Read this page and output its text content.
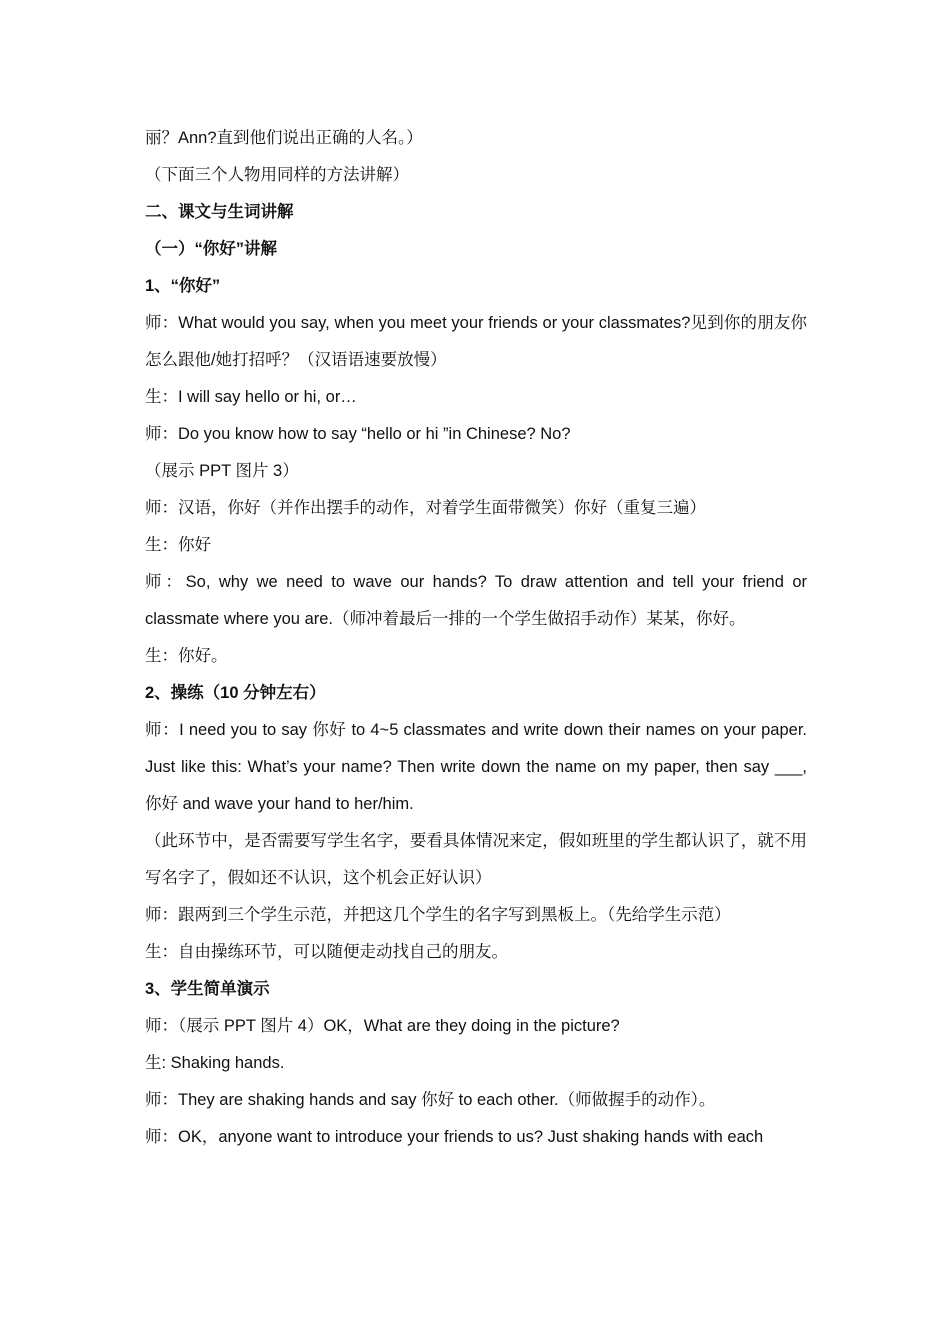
丽？Ann?直到他们说出正确的人名。）

（下面三个人物用同样的方法讲解）

二、课文与生词讲解

（一）“你好”讲解

1、“你好”

师：What would you say, when you meet your friends or your classmates?见到你的朋友你怎么跟他/她打招呼？（汉语语速要放慢）

生：I will say hello or hi, or…

师：Do you know how to say “hello or hi ”in Chinese? No?

（展示 PPT 图片 3）

师：汉语，你好（并作出摆手的动作，对着学生面带微笑）你好（重复三遍）

生：你好

师：So, why we need to wave our hands? To draw attention and tell your friend or classmate where you are.（师冲着最后一排的一个学生做招手动作）某某，你好。

生：你好。

2、操练（10 分钟左右）

师：I need you to say 你好 to 4~5 classmates and write down their names on your paper. Just like this: What’s your name? Then write down the name on my paper, then say ___, 你好 and wave your hand to her/him.

（此环节中，是否需要写学生名字，要看具体情况来定，假如班里的学生都认识了，就不用写名字了，假如还不认识，这个机会正好认识）

师：跟两到三个学生示范，并把这几个学生的名字写到黑板上。（先给学生示范）

生：自由操练环节，可以随便走动找自己的朋友。

3、学生简单演示

师：（展示 PPT 图片 4）OK，What are they doing in the picture?

生: Shaking hands.

师：They are shaking hands and say 你好 to each other.（师做握手的动作）。

师：OK，anyone want to introduce your friends to us? Just shaking hands with each
